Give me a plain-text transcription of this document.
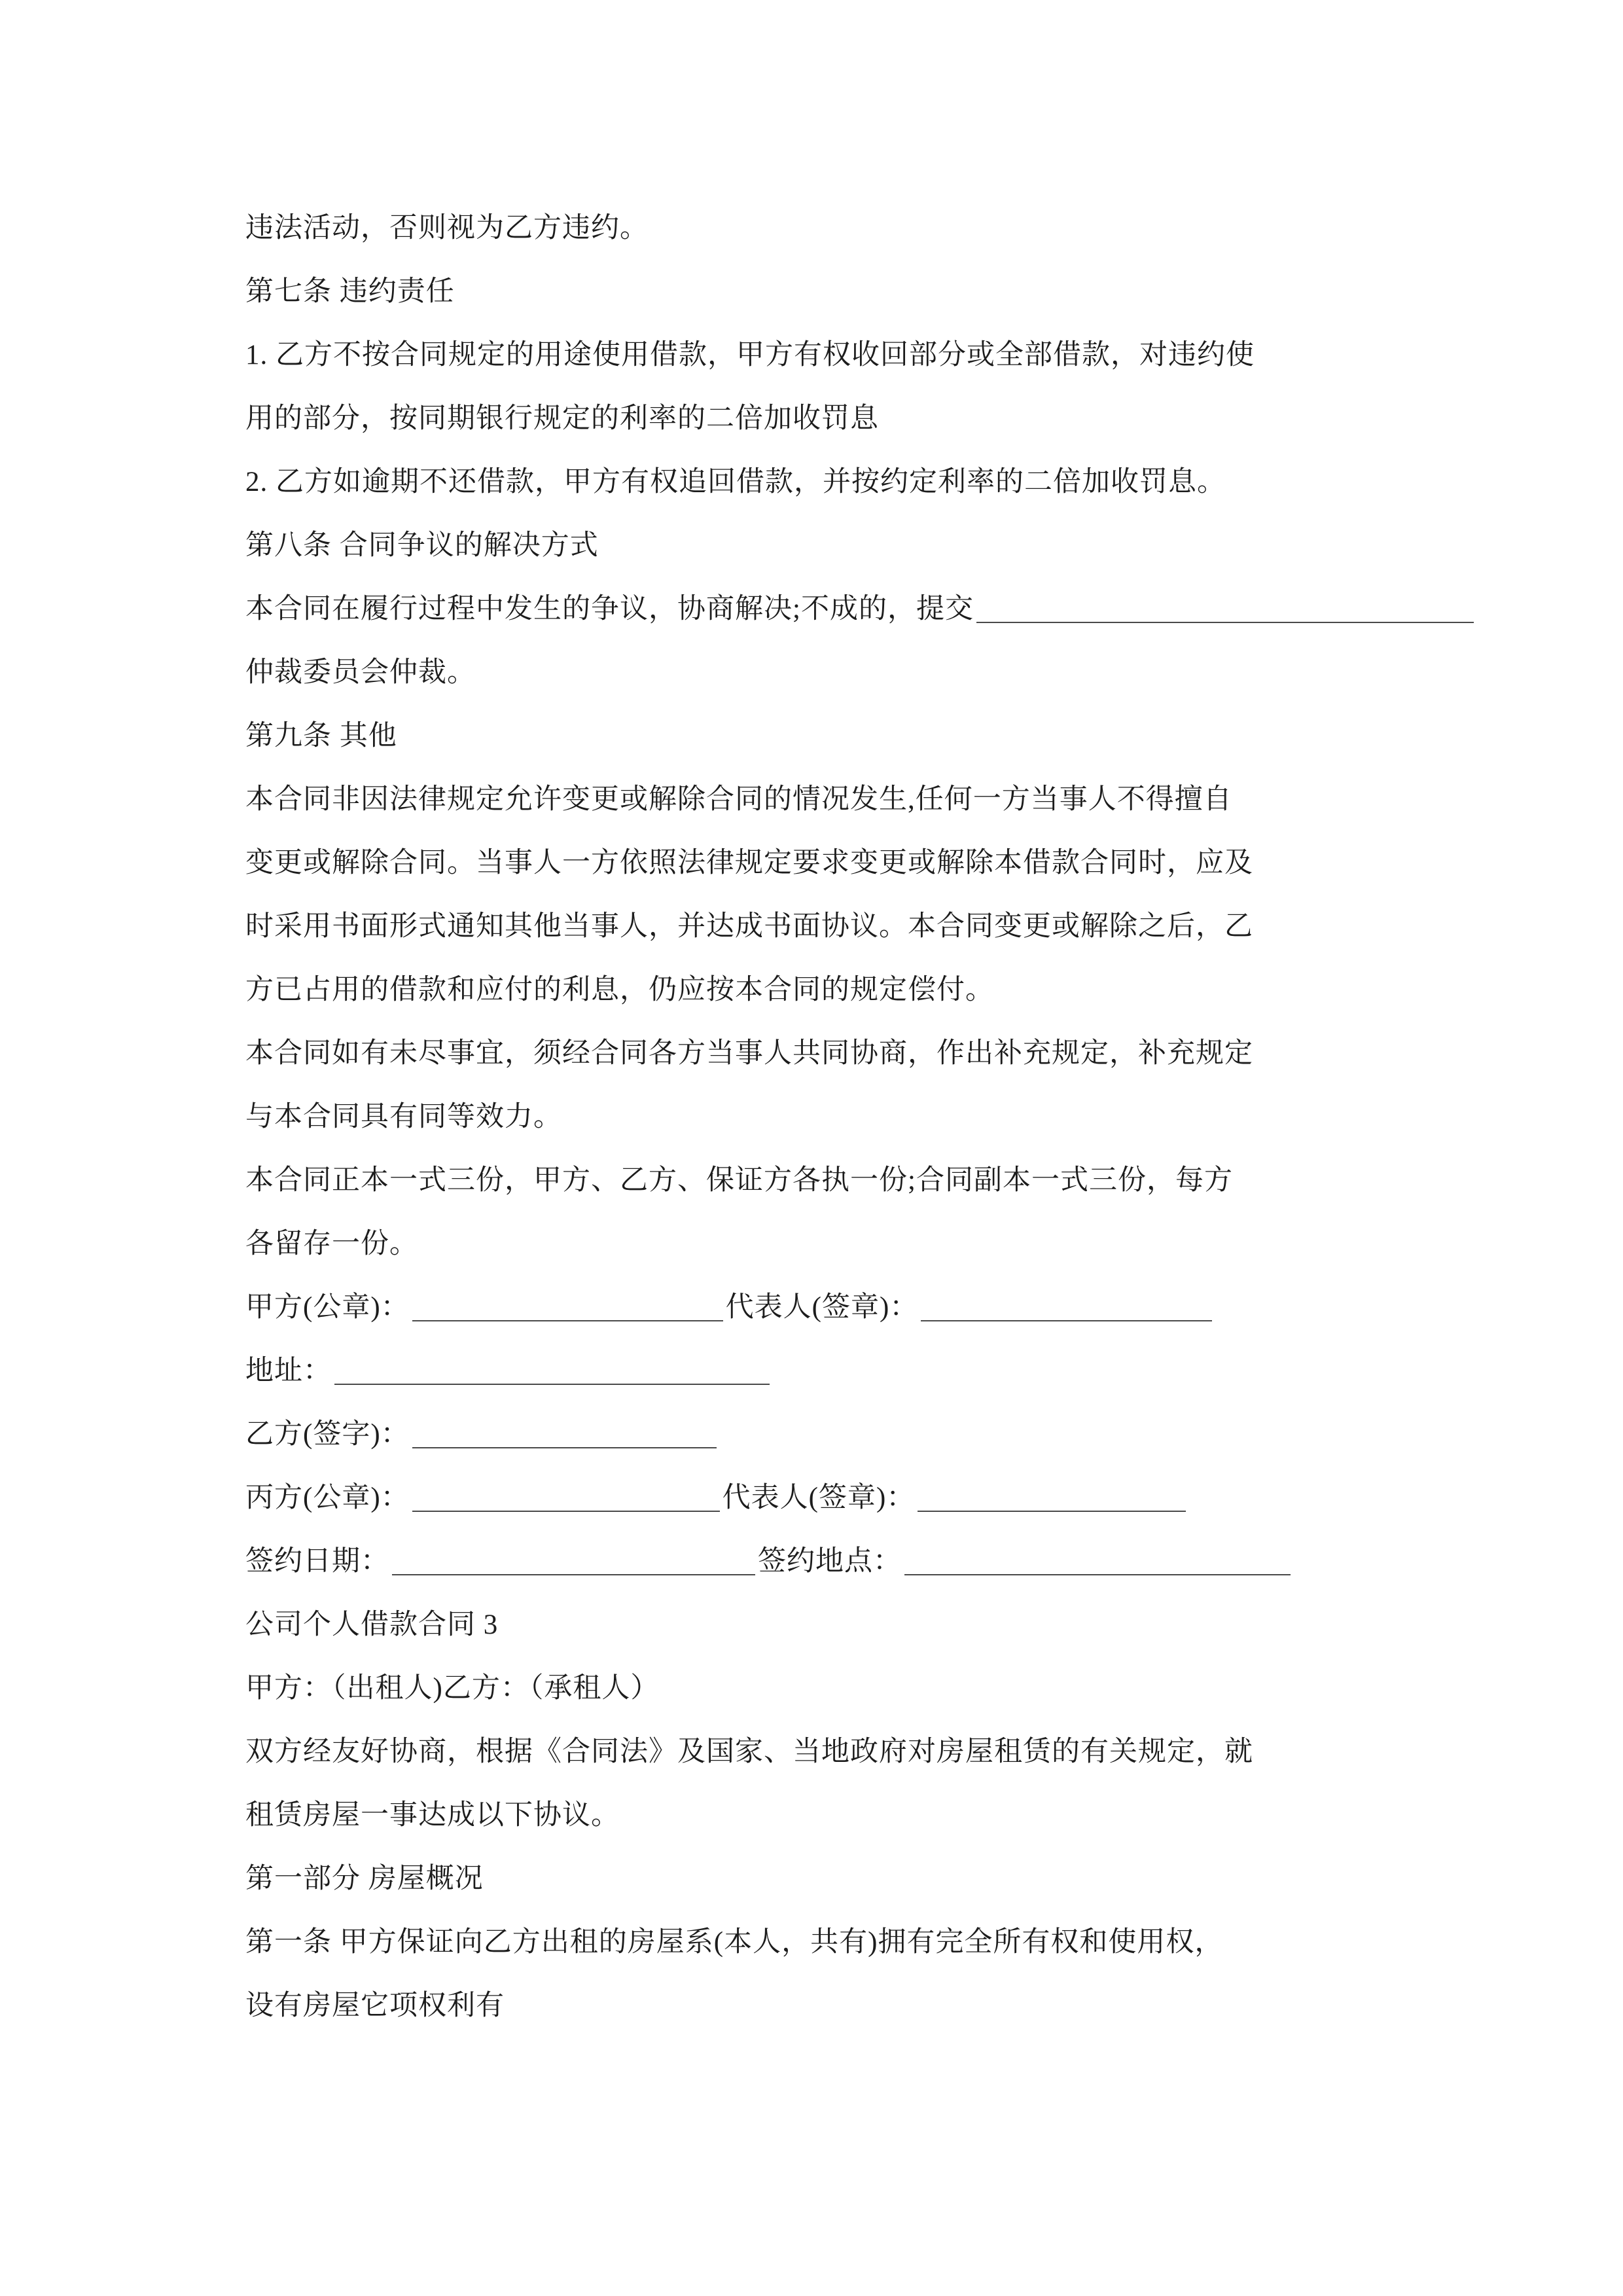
违法活动，否则视为乙方违约。
第七条 违约责任
1. 乙方不按合同规定的用途使用借款，甲方有权收回部分或全部借款，对违约使
用的部分，按同期银行规定的利率的二倍加收罚息
2. 乙方如逾期不还借款，甲方有权追回借款，并按约定利率的二倍加收罚息。
第八条 合同争议的解决方式
本合同在履行过程中发生的争议，协商解决;不成的，提交
仲裁委员会仲裁。
第九条 其他
本合同非因法律规定允许变更或解除合同的情况发生,任何一方当事人不得擅自
变更或解除合同。当事人一方依照法律规定要求变更或解除本借款合同时，应及
时采用书面形式通知其他当事人，并达成书面协议。本合同变更或解除之后，乙
方已占用的借款和应付的利息，仍应按本合同的规定偿付。
本合同如有未尽事宜，须经合同各方当事人共同协商，作出补充规定，补充规定
与本合同具有同等效力。
本合同正本一式三份，甲方、乙方、保证方各执一份;合同副本一式三份，每方
各留存一份。
甲方(公章)：	代表人(签章)：
地址：
乙方(签字)：
丙方(公章)：	代表人(签章)：
签约日期：	签约地点：
公司个人借款合同 3
甲方：（出租人)乙方：（承租人）
双方经友好协商，根据《合同法》及国家、当地政府对房屋租赁的有关规定，就
租赁房屋一事达成以下协议。
第一部分 房屋概况
第一条 甲方保证向乙方出租的房屋系(本人，共有)拥有完全所有权和使用权，
设有房屋它项权利有
